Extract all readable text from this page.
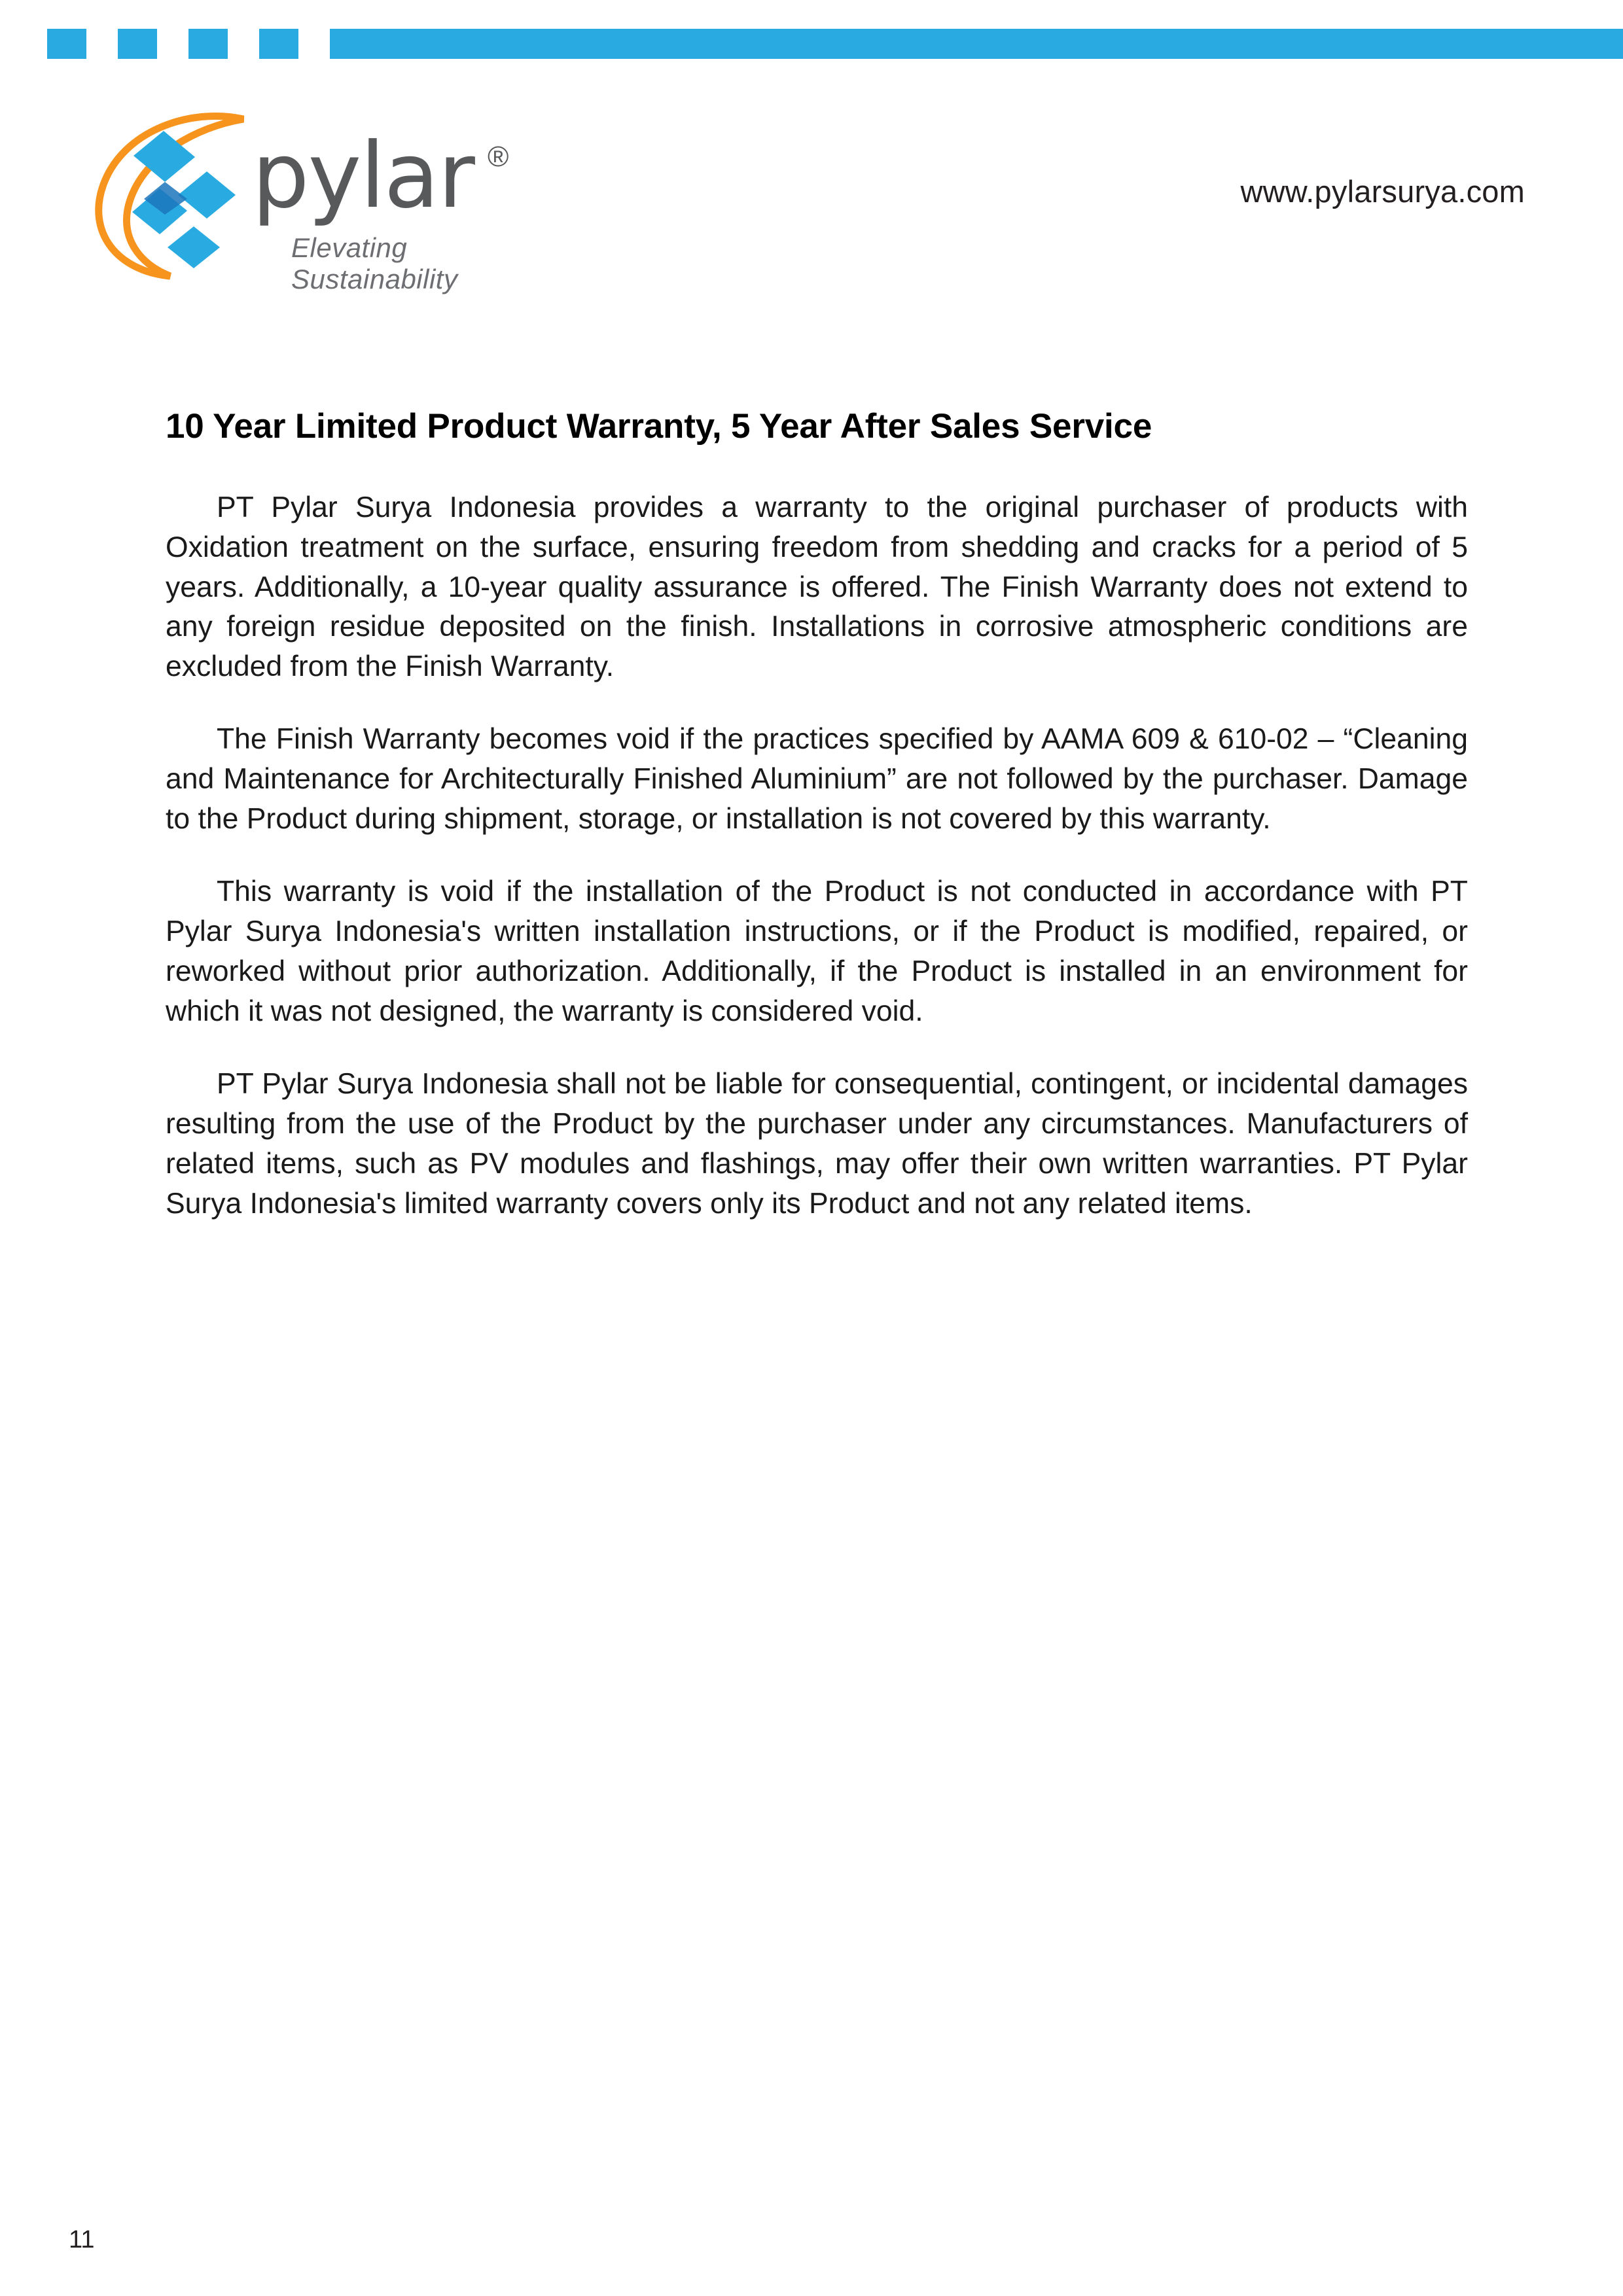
pylar ®
Elevating Sustainability
www.pylarsurya.com
10 Year Limited Product Warranty, 5 Year After Sales Service

PT Pylar Surya Indonesia provides a warranty to the original purchaser of products with Oxidation treatment on the surface, ensuring freedom from shedding and cracks for a period of 5 years. Additionally, a 10-year quality assurance is offered. The Finish Warranty does not extend to any foreign residue deposited on the finish. Installations in corrosive atmospheric conditions are excluded from the Finish Warranty.

The Finish Warranty becomes void if the practices specified by AAMA 609 & 610-02 – “Cleaning and Maintenance for Architecturally Finished Aluminium” are not followed by the purchaser. Damage to the Product during shipment, storage, or installation is not covered by this warranty.

This warranty is void if the installation of the Product is not conducted in accordance with PT Pylar Surya Indonesia's written installation instructions, or if the Product is modified, repaired, or reworked without prior authorization. Additionally, if the Product is installed in an environment for which it was not designed, the warranty is considered void.

PT Pylar Surya Indonesia shall not be liable for consequential, contingent, or incidental damages resulting from the use of the Product by the purchaser under any circumstances. Manufacturers of related items, such as PV modules and flashings, may offer their own written warranties. PT Pylar Surya Indonesia's limited warranty covers only its Product and not any related items.

11
